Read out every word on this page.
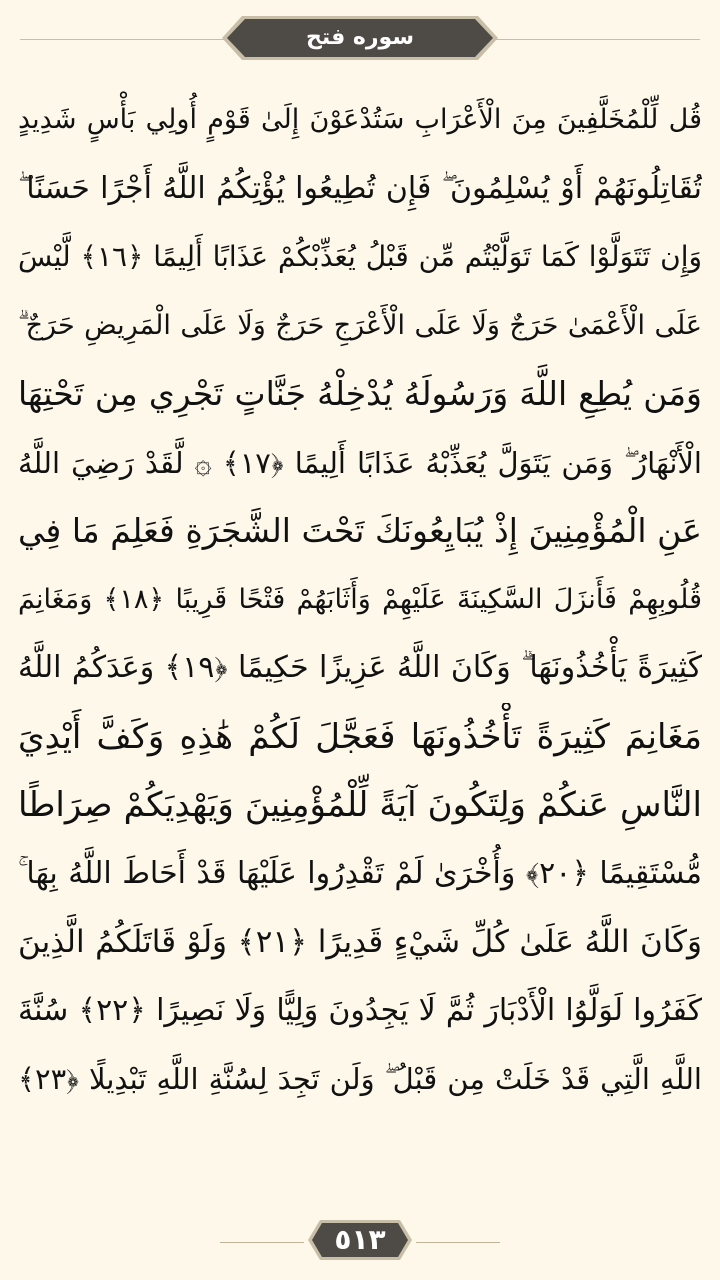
سوره فتح
قُل لِّلْمُخَلَّفِينَ مِنَ الْأَعْرَابِ سَتُدْعَوْنَ إِلَىٰ قَوْمٍ أُولِي بَأْسٍ شَدِيدٍ
تُقَاتِلُونَهُمْ أَوْ يُسْلِمُونَ ۖ فَإِن تُطِيعُوا يُؤْتِكُمُ اللَّهُ أَجْرًا حَسَنًا ۖ
وَإِن تَتَوَلَّوْا كَمَا تَوَلَّيْتُم مِّن قَبْلُ يُعَذِّبْكُمْ عَذَابًا أَلِيمًا ﴿١٦﴾ لَّيْسَ
عَلَى الْأَعْمَىٰ حَرَجٌ وَلَا عَلَى الْأَعْرَجِ حَرَجٌ وَلَا عَلَى الْمَرِيضِ حَرَجٌ ۗ
وَمَن يُطِعِ اللَّهَ وَرَسُولَهُ يُدْخِلْهُ جَنَّاتٍ تَجْرِي مِن تَحْتِهَا
الْأَنْهَارُ ۖ وَمَن يَتَوَلَّ يُعَذِّبْهُ عَذَابًا أَلِيمًا ﴿١٧﴾ ۞ لَّقَدْ رَضِيَ اللَّهُ
عَنِ الْمُؤْمِنِينَ إِذْ يُبَايِعُونَكَ تَحْتَ الشَّجَرَةِ فَعَلِمَ مَا فِي
قُلُوبِهِمْ فَأَنزَلَ السَّكِينَةَ عَلَيْهِمْ وَأَثَابَهُمْ فَتْحًا قَرِيبًا ﴿١٨﴾ وَمَغَانِمَ
كَثِيرَةً يَأْخُذُونَهَا ۗ وَكَانَ اللَّهُ عَزِيزًا حَكِيمًا ﴿١٩﴾ وَعَدَكُمُ اللَّهُ
مَغَانِمَ كَثِيرَةً تَأْخُذُونَهَا فَعَجَّلَ لَكُمْ هَٰذِهِ وَكَفَّ أَيْدِيَ
النَّاسِ عَنكُمْ وَلِتَكُونَ آيَةً لِّلْمُؤْمِنِينَ وَيَهْدِيَكُمْ صِرَاطًا
مُّسْتَقِيمًا ﴿٢٠﴾ وَأُخْرَىٰ لَمْ تَقْدِرُوا عَلَيْهَا قَدْ أَحَاطَ اللَّهُ بِهَا ۚ
وَكَانَ اللَّهُ عَلَىٰ كُلِّ شَيْءٍ قَدِيرًا ﴿٢١﴾ وَلَوْ قَاتَلَكُمُ الَّذِينَ
كَفَرُوا لَوَلَّوُا الْأَدْبَارَ ثُمَّ لَا يَجِدُونَ وَلِيًّا وَلَا نَصِيرًا ﴿٢٢﴾ سُنَّةَ
اللَّهِ الَّتِي قَدْ خَلَتْ مِن قَبْلُ ۖ وَلَن تَجِدَ لِسُنَّةِ اللَّهِ تَبْدِيلًا ﴿٢٣﴾
٥١٣
